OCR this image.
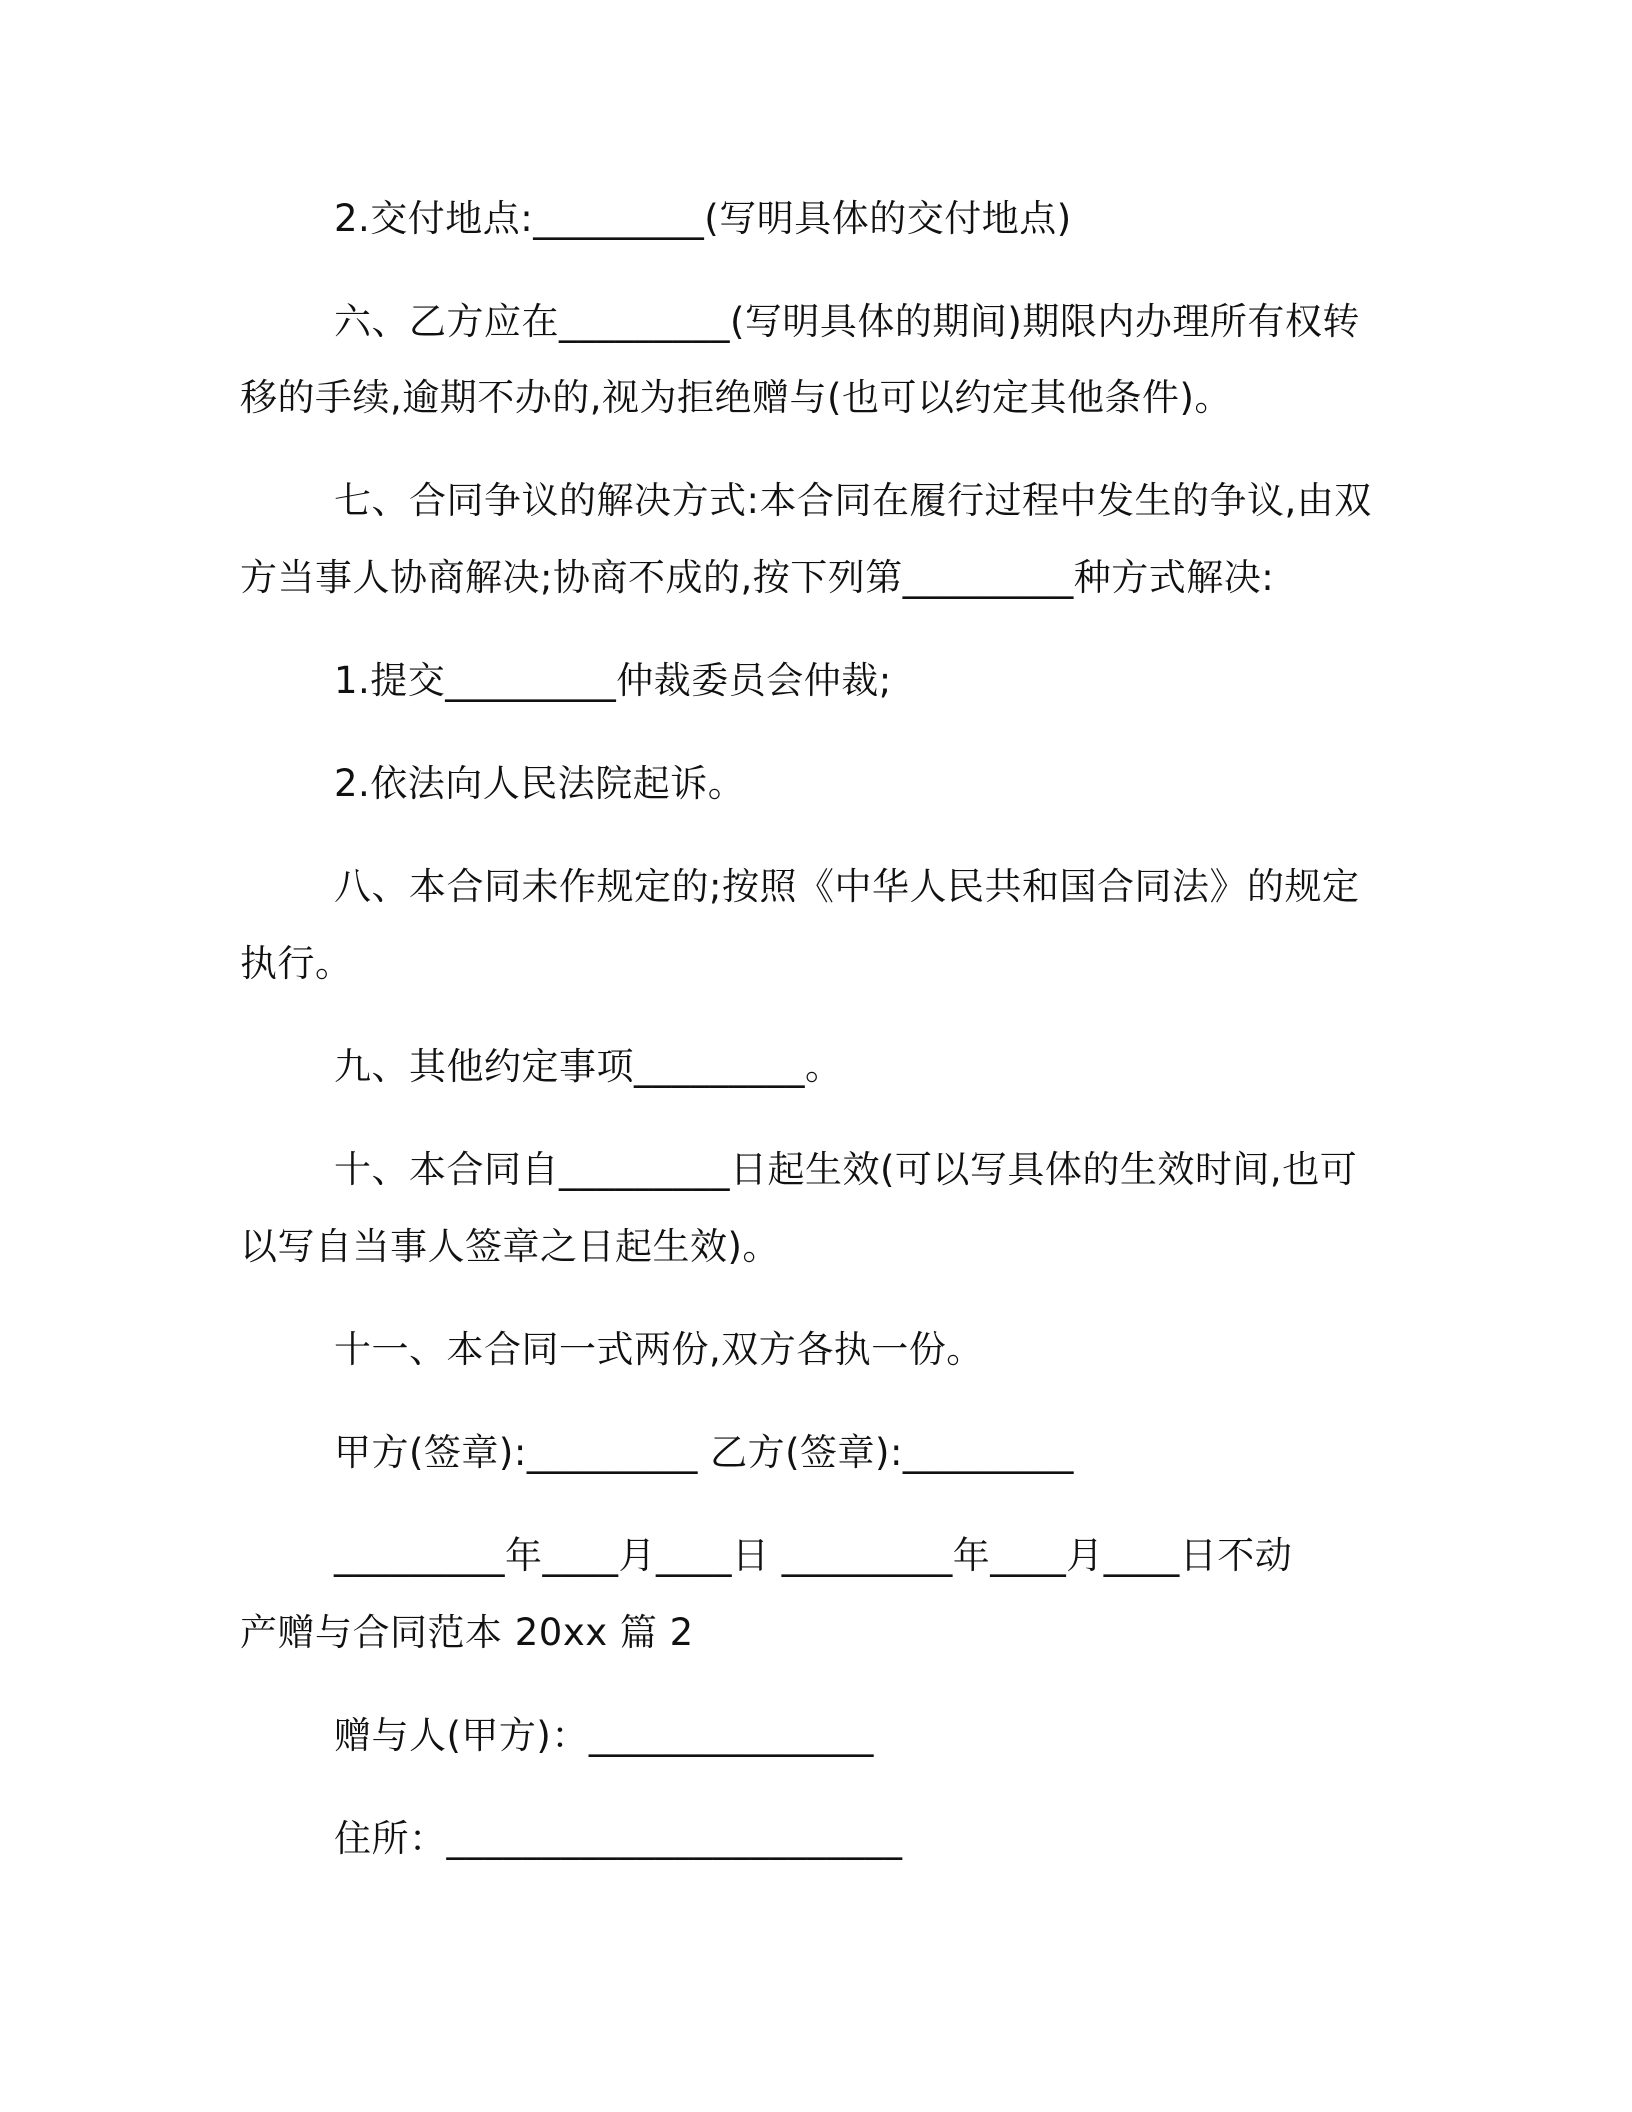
2.交付地点:_________(写明具体的交付地点)
六、乙方应在_________(写明具体的期间)期限内办理所有权转
移的手续,逾期不办的,视为拒绝赠与(也可以约定其他条件)。
七、合同争议的解决方式:本合同在履行过程中发生的争议,由双
方当事人协商解决;协商不成的,按下列第_________种方式解决:
1.提交_________仲裁委员会仲裁;
2.依法向人民法院起诉。
八、本合同未作规定的;按照《中华人民共和国合同法》的规定
执行。
九、其他约定事项_________。
十、本合同自_________日起生效(可以写具体的生效时间,也可
以写自当事人签章之日起生效)。
十一、本合同一式两份,双方各执一份。
甲方(签章):_________ 乙方(签章):_________
_________年____月____日 _________年____月____日不动
产赠与合同范本 20xx 篇 2
赠与人(甲方)：_______________
住所：________________________
